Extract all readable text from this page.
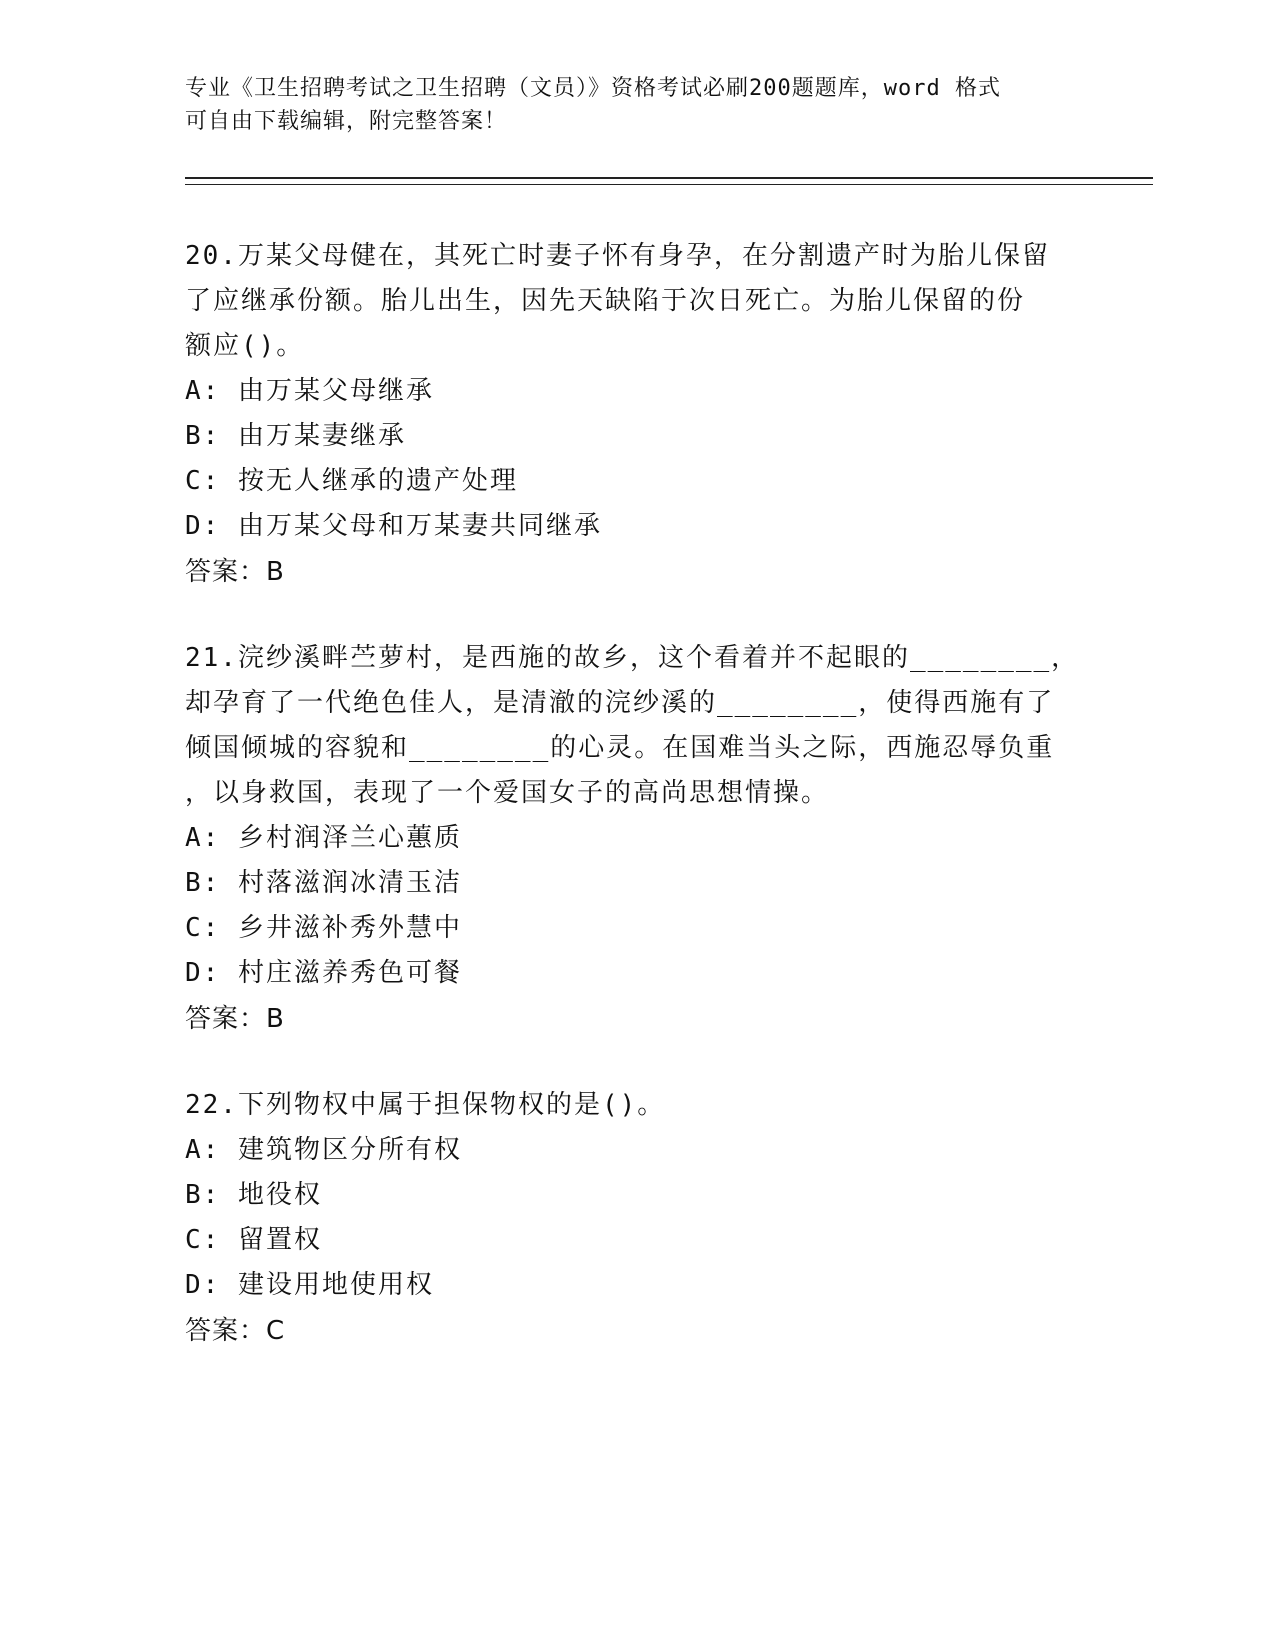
专业《卫生招聘考试之卫生招聘（文员）》资格考试必刷200题题库，word 格式
可自由下载编辑，附完整答案！
20.万某父母健在，其死亡时妻子怀有身孕，在分割遗产时为胎儿保留
了应继承份额。胎儿出生，因先天缺陷于次日死亡。为胎儿保留的份
额应()。
A: 由万某父母继承
B: 由万某妻继承
C: 按无人继承的遗产处理
D: 由万某父母和万某妻共同继承
答案：B
21.浣纱溪畔苎萝村，是西施的故乡，这个看着并不起眼的________，
却孕育了一代绝色佳人，是清澈的浣纱溪的________，使得西施有了
倾国倾城的容貌和________的心灵。在国难当头之际，西施忍辱负重
，以身救国，表现了一个爱国女子的高尚思想情操。
A: 乡村润泽兰心蕙质
B: 村落滋润冰清玉洁
C: 乡井滋补秀外慧中
D: 村庄滋养秀色可餐
答案：B
22.下列物权中属于担保物权的是()。
A: 建筑物区分所有权
B: 地役权
C: 留置权
D: 建设用地使用权
答案：C
